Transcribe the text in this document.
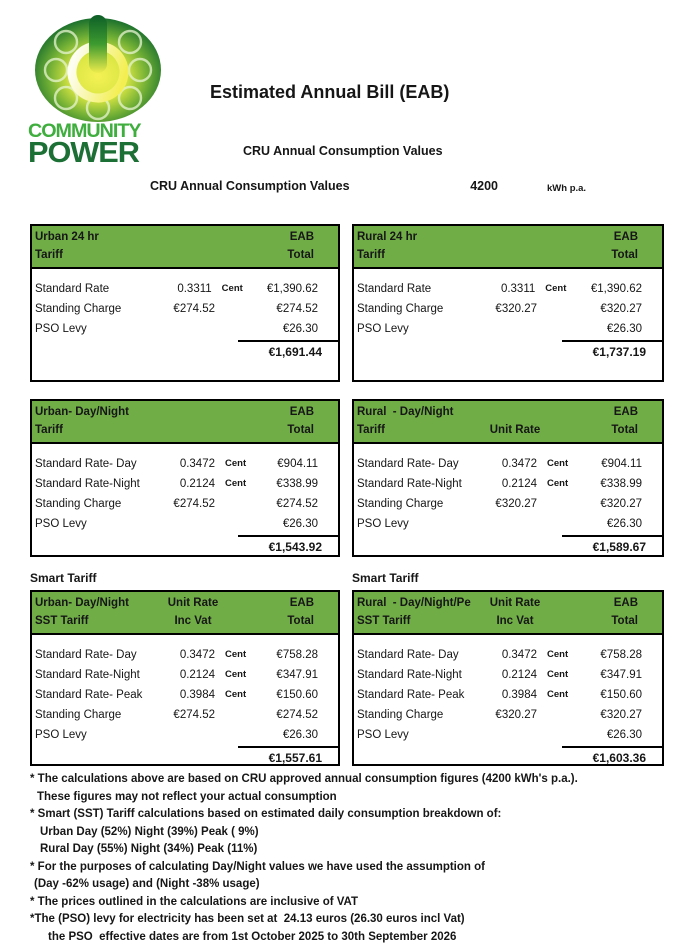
COMMUNITY
POWER
Estimated Annual Bill (EAB)
CRU Annual Consumption Values
CRU Annual Consumption Values	4200	kWh p.a.
Urban 24 hr	EAB
Tariff	Total
Standard Rate	0.3311	Cent	€1,390.62
Standing Charge	€274.52	€274.52
PSO Levy	€26.30
€1,691.44
Rural 24 hr	EAB
Tariff	Total
Standard Rate	0.3311	Cent	€1,390.62
Standing Charge	€320.27	€320.27
PSO Levy	€26.30
€1,737.19
Urban- Day/Night	EAB
Tariff	Total
Standard Rate- Day	0.3472	Cent	€904.11
Standard Rate-Night	0.2124	Cent	€338.99
Standing Charge	€274.52	€274.52
PSO Levy	€26.30
€1,543.92
Rural  - Day/Night	EAB
Tariff	Unit Rate	Total
Standard Rate- Day	0.3472	Cent	€904.11
Standard Rate-Night	0.2124	Cent	€338.99
Standing Charge	€320.27	€320.27
PSO Levy	€26.30
€1,589.67
Smart Tariff	Smart Tariff
Urban- Day/Night	Unit Rate	EAB
SST Tariff	Inc Vat	Total
Standard Rate- Day	0.3472	Cent	€758.28
Standard Rate-Night	0.2124	Cent	€347.91
Standard Rate- Peak	0.3984	Cent	€150.60
Standing Charge	€274.52	€274.52
PSO Levy	€26.30
€1,557.61
Rural  - Day/Night/Pe	Unit Rate	EAB
SST Tariff	Inc Vat	Total
Standard Rate- Day	0.3472	Cent	€758.28
Standard Rate-Night	0.2124	Cent	€347.91
Standard Rate- Peak	0.3984	Cent	€150.60
Standing Charge	€320.27	€320.27
PSO Levy	€26.30
€1,603.36
* The calculations above are based on CRU approved annual consumption figures (4200 kWh's p.a.).
These figures may not reflect your actual consumption
* Smart (SST) Tariff calculations based on estimated daily consumption breakdown of:
Urban Day (52%) Night (39%) Peak ( 9%)
Rural Day (55%) Night (34%) Peak (11%)
* For the purposes of calculating Day/Night values we have used the assumption of
(Day -62% usage) and (Night -38% usage)
* The prices outlined in the calculations are inclusive of VAT
*The (PSO) levy for electricity has been set at  24.13 euros (26.30 euros incl Vat)
the PSO  effective dates are from 1st October 2025 to 30th September 2026
